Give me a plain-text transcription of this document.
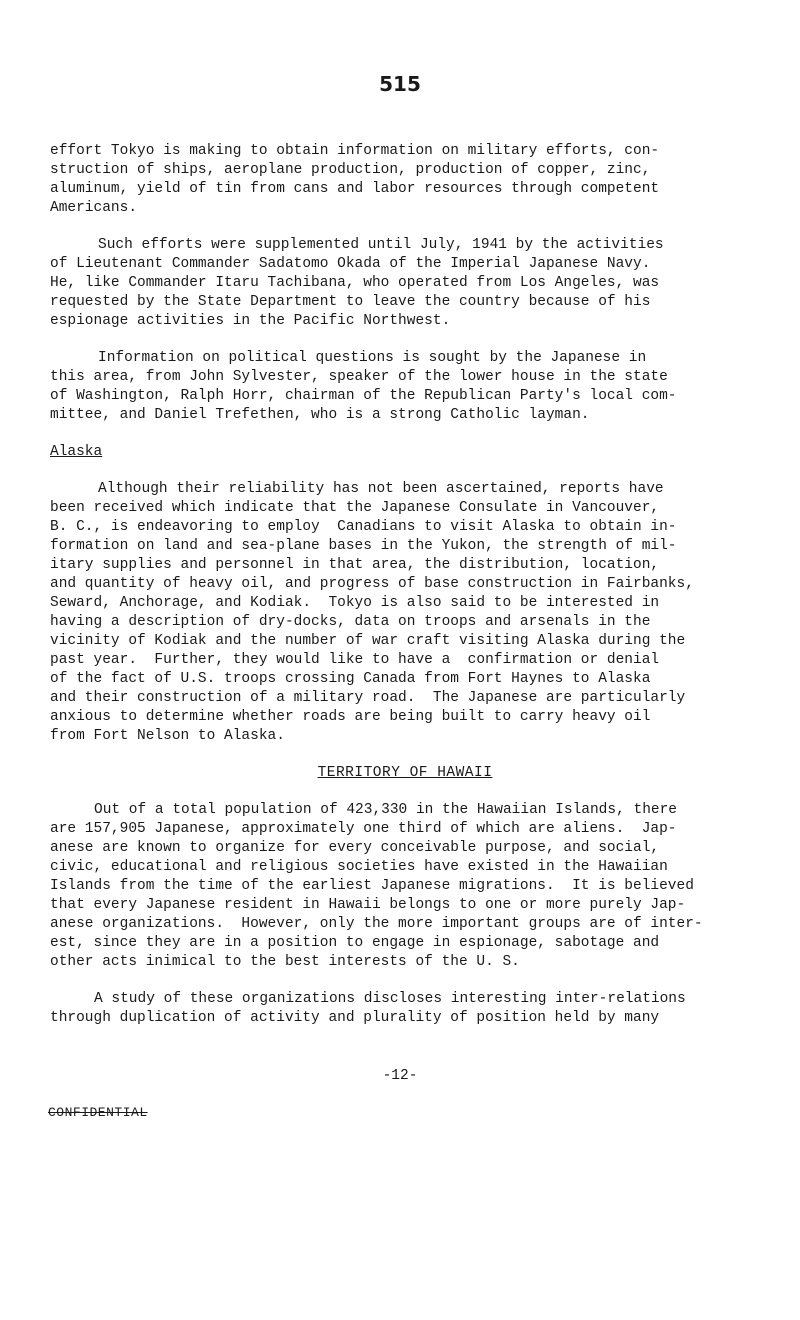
515
effort Tokyo is making to obtain information on military efforts, con-
struction of ships, aeroplane production, production of copper, zinc,
aluminum, yield of tin from cans and labor resources through competent
Americans.
Such efforts were supplemented until July, 1941 by the activities
of Lieutenant Commander Sadatomo Okada of the Imperial Japanese Navy.
He, like Commander Itaru Tachibana, who operated from Los Angeles, was
requested by the State Department to leave the country because of his
espionage activities in the Pacific Northwest.
Information on political questions is sought by the Japanese in
this area, from John Sylvester, speaker of the lower house in the state
of Washington, Ralph Horr, chairman of the Republican Party's local com-
mittee, and Daniel Trefethen, who is a strong Catholic layman.
Alaska
Although their reliability has not been ascertained, reports have
been received which indicate that the Japanese Consulate in Vancouver,
B. C., is endeavoring to employ  Canadians to visit Alaska to obtain in-
formation on land and sea-plane bases in the Yukon, the strength of mil-
itary supplies and personnel in that area, the distribution, location,
and quantity of heavy oil, and progress of base construction in Fairbanks,
Seward, Anchorage, and Kodiak.  Tokyo is also said to be interested in
having a description of dry-docks, data on troops and arsenals in the
vicinity of Kodiak and the number of war craft visiting Alaska during the
past year.  Further, they would like to have a  confirmation or denial
of the fact of U.S. troops crossing Canada from Fort Haynes to Alaska
and their construction of a military road.  The Japanese are particularly
anxious to determine whether roads are being built to carry heavy oil
from Fort Nelson to Alaska.
TERRITORY OF HAWAII
Out of a total population of 423,330 in the Hawaiian Islands, there
are 157,905 Japanese, approximately one third of which are aliens.  Jap-
anese are known to organize for every conceivable purpose, and social,
civic, educational and religious societies have existed in the Hawaiian
Islands from the time of the earliest Japanese migrations.  It is believed
that every Japanese resident in Hawaii belongs to one or more purely Jap-
anese organizations.  However, only the more important groups are of inter-
est, since they are in a position to engage in espionage, sabotage and
other acts inimical to the best interests of the U. S.
A study of these organizations discloses interesting inter-relations
through duplication of activity and plurality of position held by many
-12-
CONFIDENTIAL
